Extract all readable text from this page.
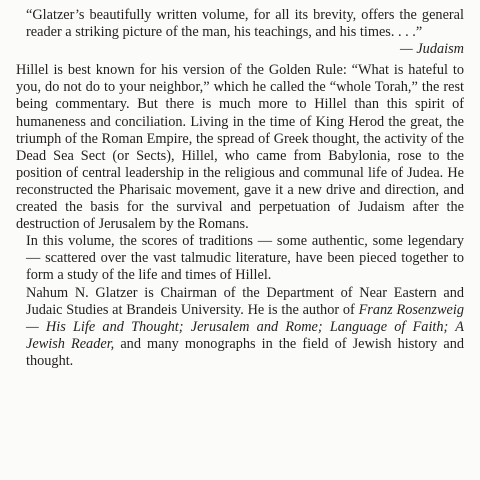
“Glatzer’s beautifully written volume, for all its brevity, offers the general reader a striking picture of the man, his teachings, and his times. . . .”
— Judaism

Hillel is best known for his version of the Golden Rule: “What is hateful to you, do not do to your neighbor,” which he called the “whole Torah,” the rest being commentary. But there is much more to Hillel than this spirit of humaneness and conciliation. Living in the time of King Herod the great, the triumph of the Roman Empire, the spread of Greek thought, the activity of the Dead Sea Sect (or Sects), Hillel, who came from Babylonia, rose to the position of central leadership in the religious and communal life of Judea. He reconstructed the Pharisaic movement, gave it a new drive and direction, and created the basis for the survival and perpetuation of Judaism after the destruction of Jerusalem by the Romans.

In this volume, the scores of traditions — some authentic, some legendary — scattered over the vast talmudic literature, have been pieced together to form a study of the life and times of Hillel.

Nahum N. Glatzer is Chairman of the Department of Near Eastern and Judaic Studies at Brandeis University. He is the author of Franz Rosenzweig — His Life and Thought; Jerusalem and Rome; Language of Faith; A Jewish Reader, and many monographs in the field of Jewish history and thought.
